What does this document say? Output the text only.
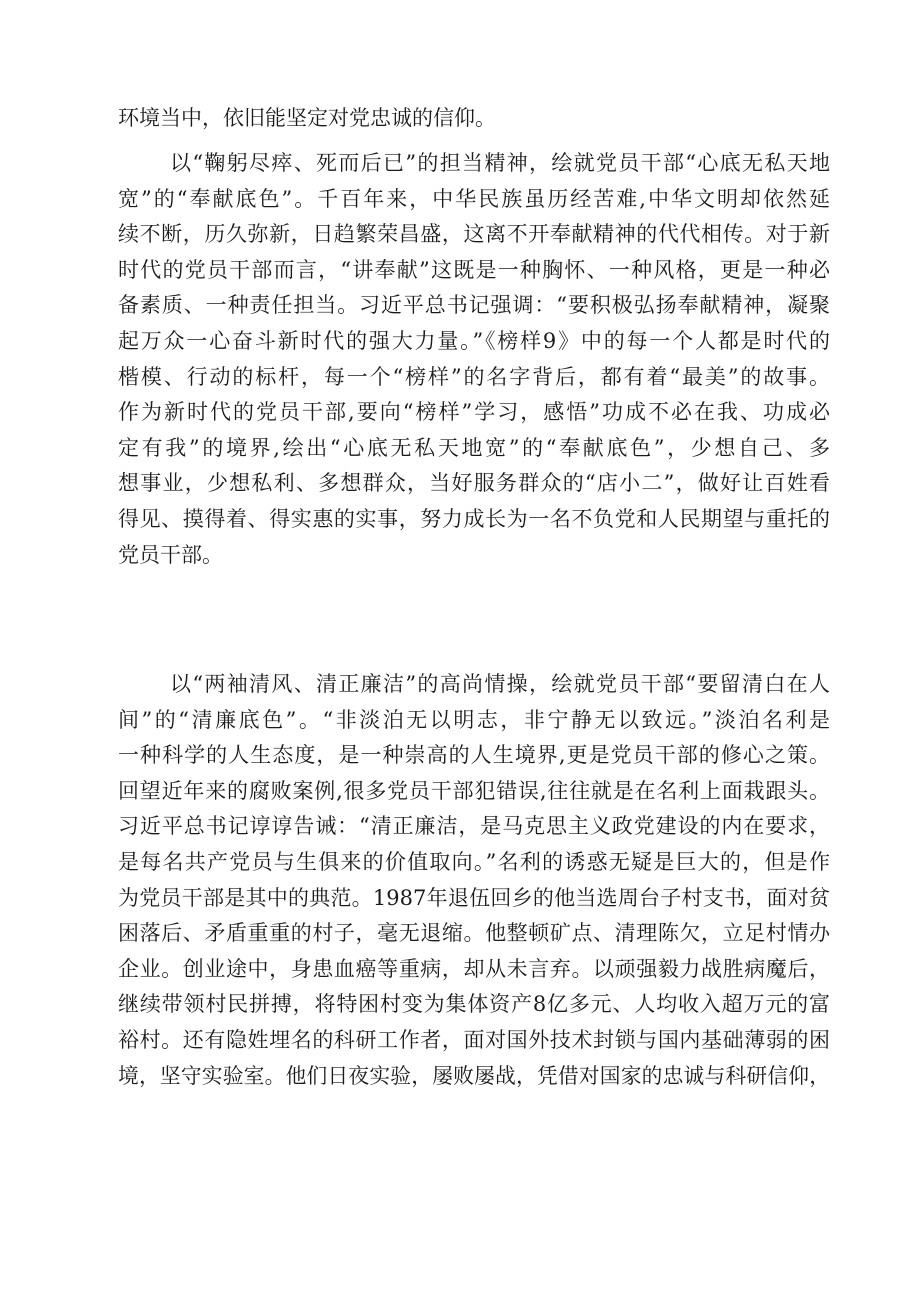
环境当中，依旧能坚定对党忠诚的信仰。
以“鞠躬尽瘁、死而后已”的担当精神，绘就党员干部“心底无私天地
宽”的“奉献底色”。千百年来，中华民族虽历经苦难,中华文明却依然延
续不断，历久弥新，日趋繁荣昌盛，这离不开奉献精神的代代相传。对于新
时代的党员干部而言，“讲奉献”这既是一种胸怀、一种风格，更是一种必
备素质、一种责任担当。习近平总书记强调：“要积极弘扬奉献精神，凝聚
起万众一心奋斗新时代的强大力量。”《榜样9》中的每一个人都是时代的
楷模、行动的标杆，每一个“榜样”的名字背后，都有着“最美”的故事。
作为新时代的党员干部,要向“榜样”学习，感悟”功成不必在我、功成必
定有我”的境界,绘出“心底无私天地宽”的“奉献底色”，少想自己、多
想事业，少想私利、多想群众，当好服务群众的“店小二”，做好让百姓看
得见、摸得着、得实惠的实事，努力成长为一名不负党和人民期望与重托的
党员干部。
以“两袖清风、清正廉洁”的高尚情操，绘就党员干部“要留清白在人
间”的“清廉底色”。“非淡泊无以明志，非宁静无以致远。”淡泊名利是
一种科学的人生态度，是一种崇高的人生境界,更是党员干部的修心之策。
回望近年来的腐败案例,很多党员干部犯错误,往往就是在名利上面栽跟头。
习近平总书记谆谆告诫：“清正廉洁，是马克思主义政党建设的内在要求，
是每名共产党员与生俱来的价值取向。”名利的诱惑无疑是巨大的，但是作
为党员干部是其中的典范。1987年退伍回乡的他当选周台子村支书，面对贫
困落后、矛盾重重的村子，毫无退缩。他整顿矿点、清理陈欠，立足村情办
企业。创业途中，身患血癌等重病，却从未言弃。以顽强毅力战胜病魔后，
继续带领村民拼搏，将特困村变为集体资产8亿多元、人均收入超万元的富
裕村。还有隐姓埋名的科研工作者，面对国外技术封锁与国内基础薄弱的困
境，坚守实验室。他们日夜实验，屡败屡战，凭借对国家的忠诚与科研信仰，
